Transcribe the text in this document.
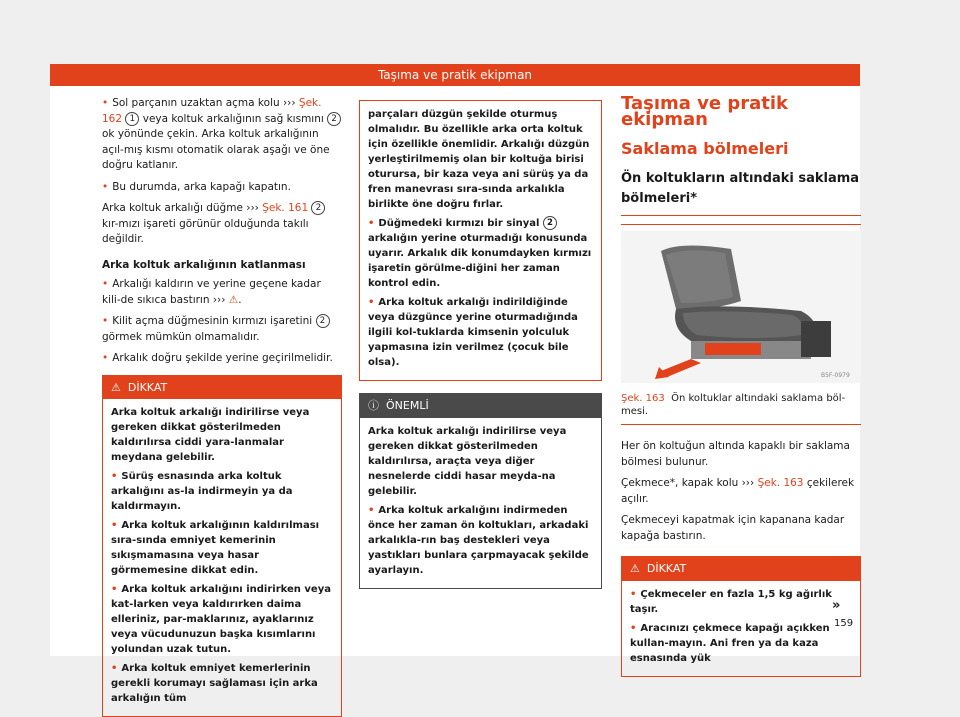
Taşıma ve pratik ekipman

• Sol parçanın uzaktan açma kolu ››› Şek. 162 1 veya koltuk arkalığının sağ kısmını 2 ok yönünde çekin. Arka koltuk arkalığının açıl-mış kısmı otomatik olarak aşağı ve öne doğru katlanır.

• Bu durumda, arka kapağı kapatın.

Arka koltuk arkalığı düğme ››› Şek. 161 2 kır-mızı işareti görünür olduğunda takılı değildir.

Arka koltuk arkalığının katlanması

• Arkalığı kaldırın ve yerine geçene kadar kili-de sıkıca bastırın ››› ⚠.

• Kilit açma düğmesinin kırmızı işaretini 2 görmek mümkün olmamalıdır.

• Arkalık doğru şekilde yerine geçirilmelidir.

⚠ DİKKAT

Arka koltuk arkalığı indirilirse veya gereken dikkat gösterilmeden kaldırılırsa ciddi yara-lanmalar meydana gelebilir.

• Sürüş esnasında arka koltuk arkalığını as-la indirmeyin ya da kaldırmayın.

• Arka koltuk arkalığının kaldırılması sıra-sında emniyet kemerinin sıkışmamasına veya hasar görmemesine dikkat edin.

• Arka koltuk arkalığını indirirken veya kat-larken veya kaldırırken daima elleriniz, par-maklarınız, ayaklarınız veya vücudunuzun başka kısımlarını yolundan uzak tutun.

• Arka koltuk emniyet kemerlerinin gerekli korumayı sağlaması için arka arkalığın tüm

parçaları düzgün şekilde oturmuş olmalıdır. Bu özellikle arka orta koltuk için özellikle önemlidir. Arkalığı düzgün yerleştirilmemiş olan bir koltuğa birisi oturursa, bir kaza veya ani sürüş ya da fren manevrası sıra-sında arkalıkla birlikte öne doğru fırlar.

• Düğmedeki kırmızı bir sinyal 2 arkalığın yerine oturmadığı konusunda uyarır. Arkalık dik konumdayken kırmızı işaretin görülme-diğini her zaman kontrol edin.

• Arka koltuk arkalığı indirildiğinde veya düzgünce yerine oturmadığında ilgili kol-tuklarda kimsenin yolculuk yapmasına izin verilmez (çocuk bile olsa).

ⓘ ÖNEMLİ

Arka koltuk arkalığı indirilirse veya gereken dikkat gösterilmeden kaldırılırsa, araçta veya diğer nesnelerde ciddi hasar meyda-na gelebilir.

• Arka koltuk arkalığını indirmeden önce her zaman ön koltukları, arkadaki arkalıkla-rın baş destekleri veya yastıkları bunlara çarpmayacak şekilde ayarlayın.

Taşıma ve pratik ekipman
Saklama bölmeleri
Ön koltukların altındaki saklama bölmeleri*
B5F-0979
Şek. 163 Ön koltuklar altındaki saklama böl-mesi.

Her ön koltuğun altında kapaklı bir saklama bölmesi bulunur.

Çekmece*, kapak kolu ››› Şek. 163 çekilerek açılır.

Çekmeceyi kapatmak için kapanana kadar kapağa bastırın.

⚠ DİKKAT

• Çekmeceler en fazla 1,5 kg ağırlık taşır.

• Aracınızı çekmece kapağı açıkken kullan-mayın. Ani fren ya da kaza esnasında yük

»
159
